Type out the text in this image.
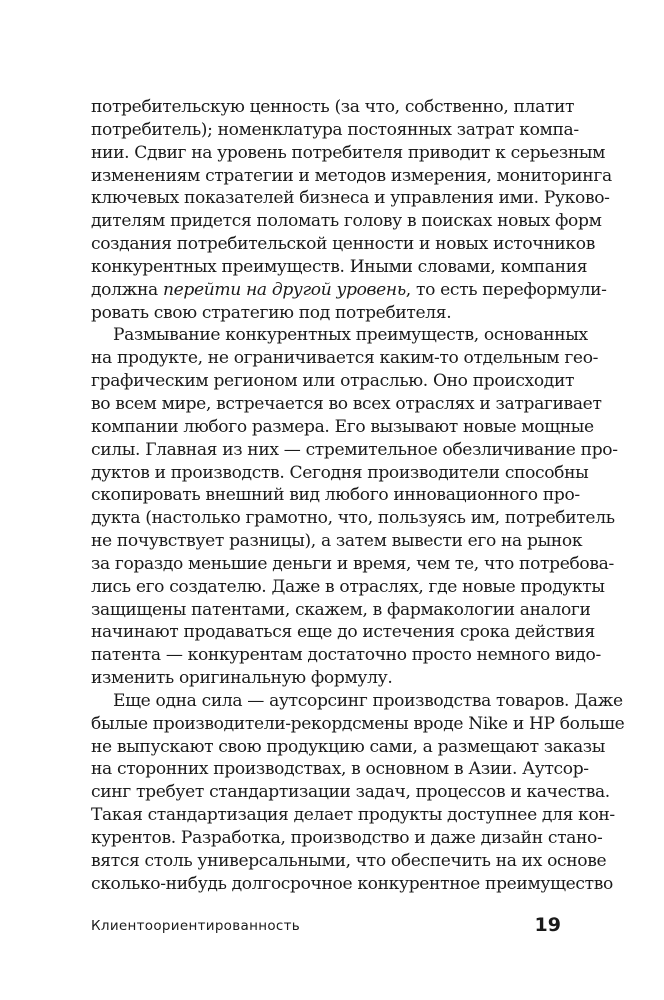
потребительскую ценность (за что, собственно, платит
потребитель); номенклатура постоянных затрат компа-
нии. Сдвиг на уровень потребителя приводит к серьезным
изменениям стратегии и методов измерения, мониторинга
ключевых показателей бизнеса и управления ими. Руково-
дителям придется поломать голову в поисках новых форм
создания потребительской ценности и новых источников
конкурентных преимуществ. Иными словами, компания
должна перейти на другой уровень, то есть переформули-
ровать свою стратегию под потребителя.
Размывание конкурентных преимуществ, основанных
на продукте, не ограничивается каким-то отдельным гео-
графическим регионом или отраслью. Оно происходит
во всем мире, встречается во всех отраслях и затрагивает
компании любого размера. Его вызывают новые мощные
силы. Главная из них — стремительное обезличивание про-
дуктов и производств. Сегодня производители способны
скопировать внешний вид любого инновационного про-
дукта (настолько грамотно, что, пользуясь им, потребитель
не почувствует разницы), а затем вывести его на рынок
за гораздо меньшие деньги и время, чем те, что потребова-
лись его создателю. Даже в отраслях, где новые продукты
защищены патентами, скажем, в фармакологии аналоги
начинают продаваться еще до истечения срока действия
патента — конкурентам достаточно просто немного видо-
изменить оригинальную формулу.
Еще одна сила — аутсорсинг производства товаров. Даже
былые производители-рекордсмены вроде Nike и HP больше
не выпускают свою продукцию сами, а размещают заказы
на сторонних производствах, в основном в Азии. Аутсор-
синг требует стандартизации задач, процессов и качества.
Такая стандартизация делает продукты доступнее для кон-
курентов. Разработка, производство и даже дизайн стано-
вятся столь универсальными, что обеспечить на их основе
сколько-нибудь долгосрочное конкурентное преимущество
Клиентоориентированность	19
